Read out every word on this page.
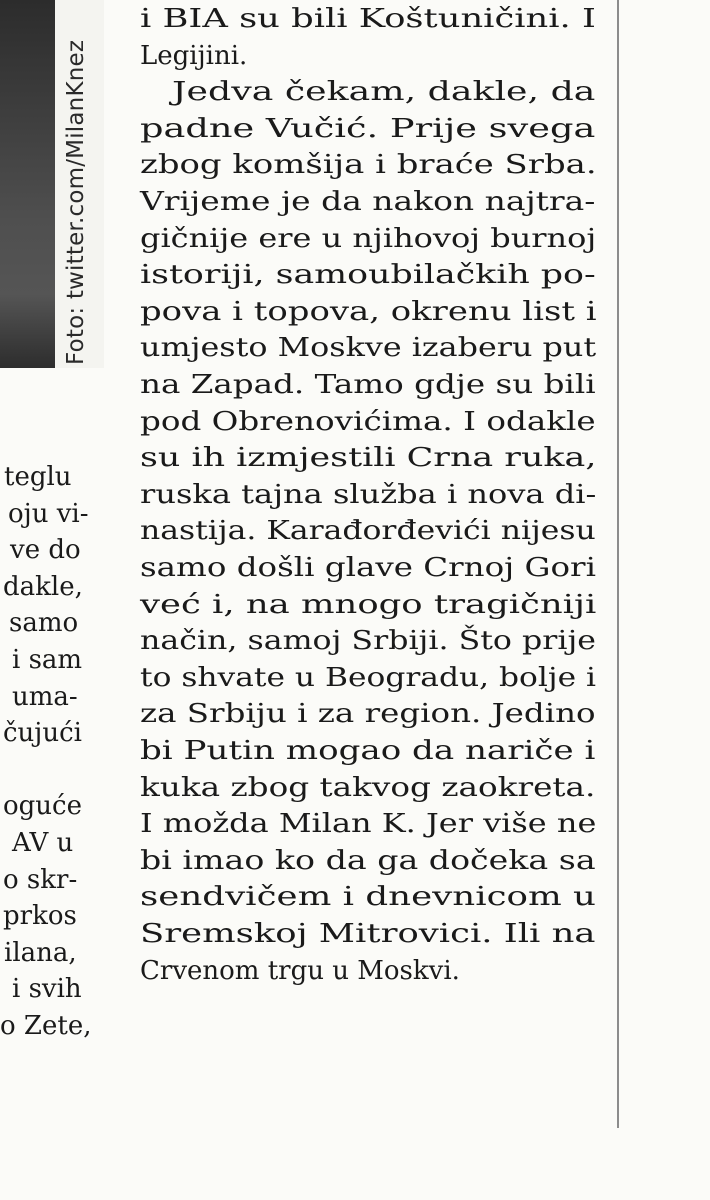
Foto: twitter.com/MilanKnez
teglu
oju vi-
ve do
dakle,
samo
i sam
uma-
čujući
oguće
AV u
o skr-
prkos
ilana,
i svih
o Zete,
i BIA su bili Koštuničini. I
Legijini.
Jedva čekam, dakle, da
padne Vučić. Prije svega
zbog komšija i braće Srba.
Vrijeme je da nakon najtra-
gičnije ere u njihovoj burnoj
istoriji, samoubilačkih po-
pova i topova, okrenu list i
umjesto Moskve izaberu put
na Zapad. Tamo gdje su bili
pod Obrenovićima. I odakle
su ih izmjestili Crna ruka,
ruska tajna služba i nova di-
nastija. Karađorđevići nijesu
samo došli glave Crnoj Gori
već i, na mnogo tragičniji
način, samoj Srbiji. Što prije
to shvate u Beogradu, bolje i
za Srbiju i za region. Jedino
bi Putin mogao da nariče i
kuka zbog takvog zaokreta.
I možda Milan K. Jer više ne
bi imao ko da ga dočeka sa
sendvičem i dnevnicom u
Sremskoj Mitrovici. Ili na
Crvenom trgu u Moskvi.
